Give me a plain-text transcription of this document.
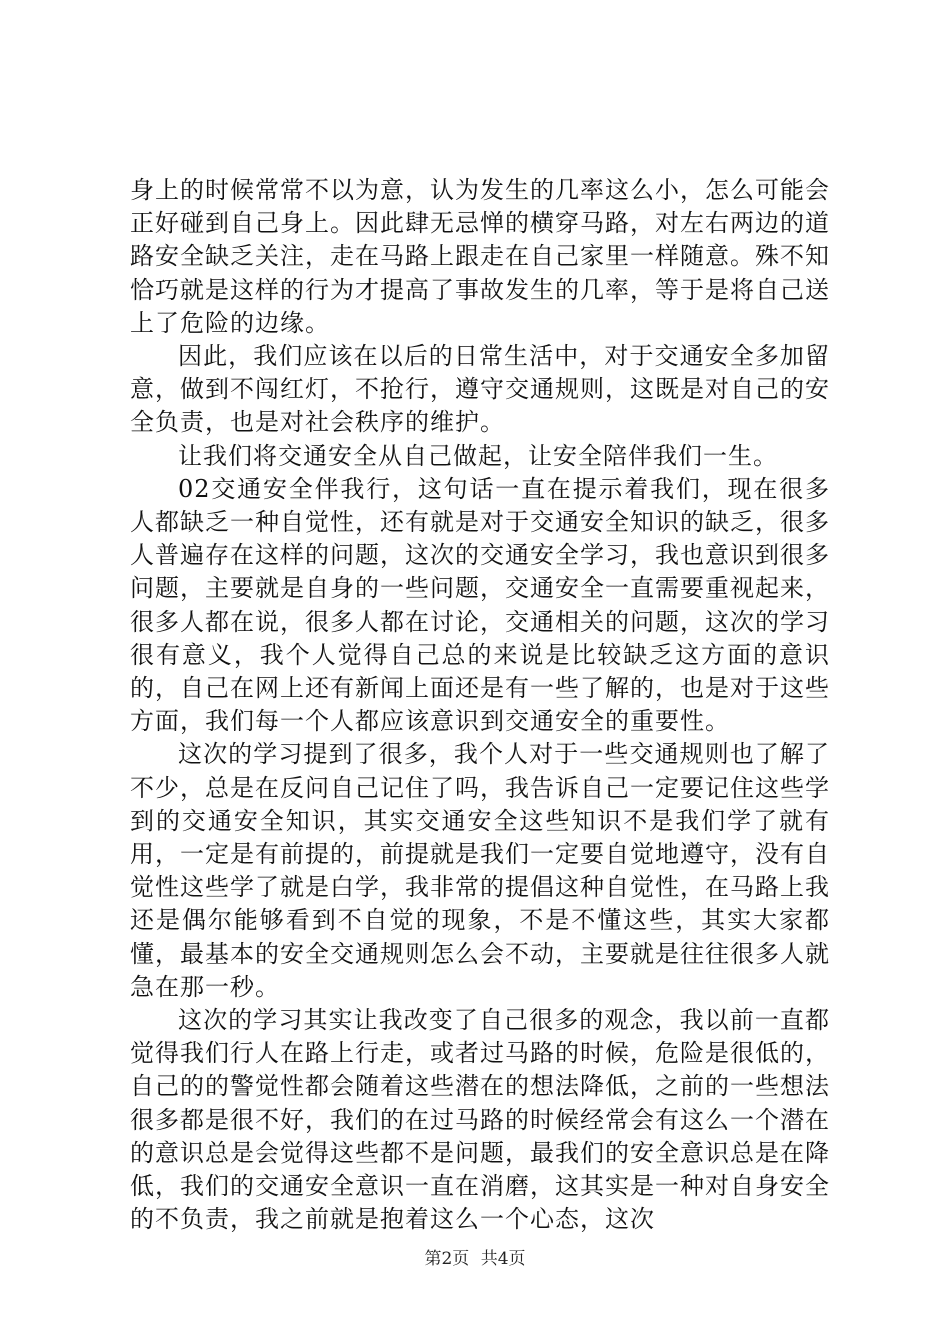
身上的时候常常不以为意，认为发生的几率这么小，怎么可能会正好碰到自己身上。因此肆无忌惮的横穿马路，对左右两边的道路安全缺乏关注，走在马路上跟走在自己家里一样随意。殊不知恰巧就是这样的行为才提高了事故发生的几率，等于是将自己送上了危险的边缘。

因此，我们应该在以后的日常生活中，对于交通安全多加留意，做到不闯红灯，不抢行，遵守交通规则，这既是对自己的安全负责，也是对社会秩序的维护。

让我们将交通安全从自己做起，让安全陪伴我们一生。

02交通安全伴我行，这句话一直在提示着我们，现在很多人都缺乏一种自觉性，还有就是对于交通安全知识的缺乏，很多人普遍存在这样的问题，这次的交通安全学习，我也意识到很多问题，主要就是自身的一些问题，交通安全一直需要重视起来，很多人都在说，很多人都在讨论，交通相关的问题，这次的学习很有意义，我个人觉得自己总的来说是比较缺乏这方面的意识的，自己在网上还有新闻上面还是有一些了解的，也是对于这些方面，我们每一个人都应该意识到交通安全的重要性。

这次的学习提到了很多，我个人对于一些交通规则也了解了不少，总是在反问自己记住了吗，我告诉自己一定要记住这些学到的交通安全知识，其实交通安全这些知识不是我们学了就有用，一定是有前提的，前提就是我们一定要自觉地遵守，没有自觉性这些学了就是白学，我非常的提倡这种自觉性，在马路上我还是偶尔能够看到不自觉的现象，不是不懂这些，其实大家都懂，最基本的安全交通规则怎么会不动，主要就是往往很多人就急在那一秒。

这次的学习其实让我改变了自己很多的观念，我以前一直都觉得我们行人在路上行走，或者过马路的时候，危险是很低的，自己的的警觉性都会随着这些潜在的想法降低，之前的一些想法很多都是很不好，我们的在过马路的时候经常会有这么一个潜在的意识总是会觉得这些都不是问题，最我们的安全意识总是在降低，我们的交通安全意识一直在消磨，这其实是一种对自身安全的不负责，我之前就是抱着这么一个心态，这次

第2页 共4页
